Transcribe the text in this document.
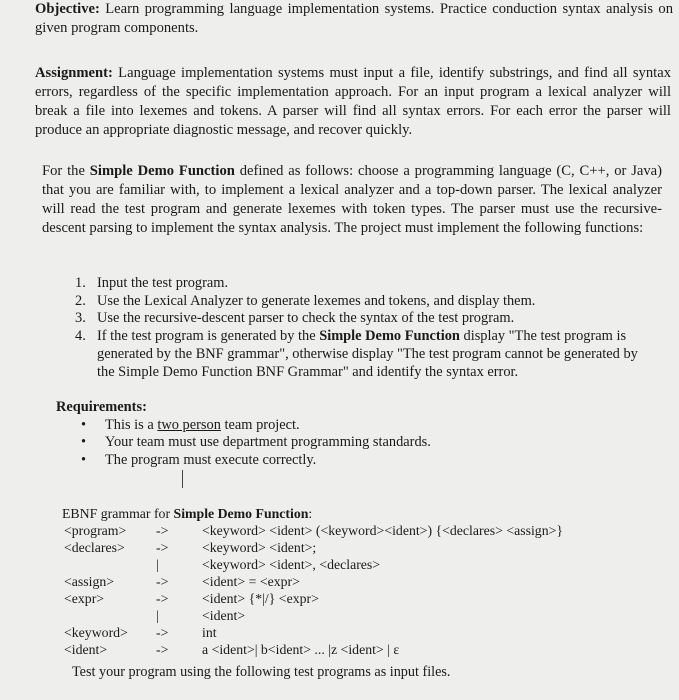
Objective: Learn programming language implementation systems. Practice conduction syntax analysis on given program components.
Assignment: Language implementation systems must input a file, identify substrings, and find all syntax errors, regardless of the specific implementation approach. For an input program a lexical analyzer will break a file into lexemes and tokens. A parser will find all syntax errors. For each error the parser will produce an appropriate diagnostic message, and recover quickly.
For the Simple Demo Function defined as follows: choose a programming language (C, C++, or Java) that you are familiar with, to implement a lexical analyzer and a top-down parser. The lexical analyzer will read the test program and generate lexemes with token types. The parser must use the recursive-descent parsing to implement the syntax analysis. The project must implement the following functions:
1. Input the test program.
2. Use the Lexical Analyzer to generate lexemes and tokens, and display them.
3. Use the recursive-descent parser to check the syntax of the test program.
4. If the test program is generated by the Simple Demo Function display "The test program is generated by the BNF grammar", otherwise display "The test program cannot be generated by the Simple Demo Function BNF Grammar" and identify the syntax error.
Requirements:
•	This is a two person team project.
•	Your team must use department programming standards.
•	The program must execute correctly.
EBNF grammar for Simple Demo Function:
<program> -> <keyword> <ident> (<keyword><ident>) {<declares> <assign>}
<declares> -> <keyword> <ident>;
|	<keyword> <ident>, <declares>
<assign>	-> <ident> = <expr>
<expr>	-> <ident> {*|/} <expr>
|	<ident>
<keyword> -> int
<ident>	-> a <ident>| b<ident> ... |z <ident> | ε
Test your program using the following test programs as input files.
